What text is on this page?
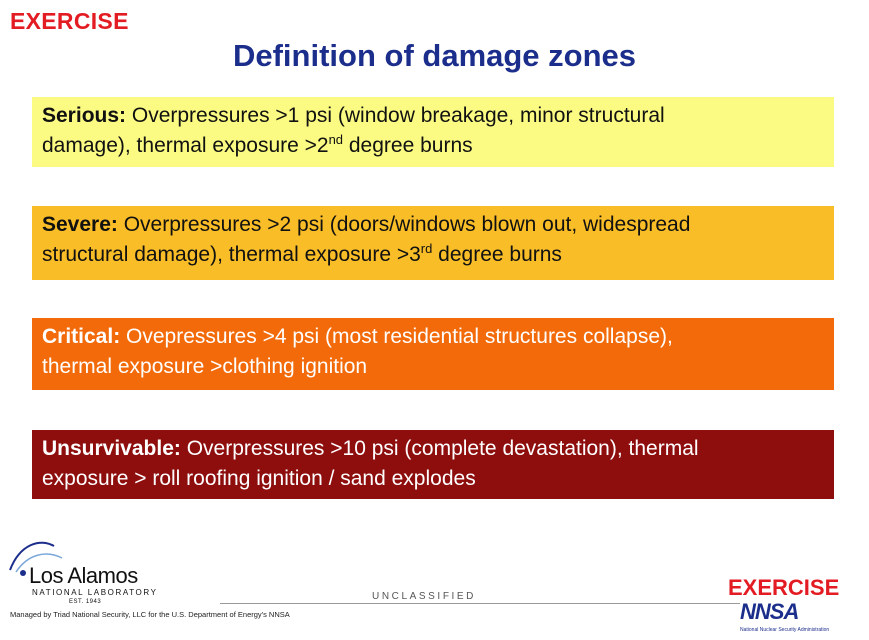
EXERCISE
Definition of damage zones
Serious: Overpressures >1 psi (window breakage, minor structural
damage), thermal exposure >2nd degree burns
Severe: Overpressures >2 psi (doors/windows blown out, widespread
structural damage), thermal exposure >3rd degree burns
Critical: Ovepressures >4 psi (most residential structures collapse),
thermal exposure >clothing ignition
Unsurvivable: Overpressures >10 psi (complete devastation), thermal
exposure > roll roofing ignition / sand explodes
Los Alamos
NATIONAL LABORATORY
EST. 1943
Managed by Triad National Security, LLC for the U.S. Department of Energy's NNSA
UNCLASSIFIED	EXERCISE
NNSA
National Nuclear Security Administration
